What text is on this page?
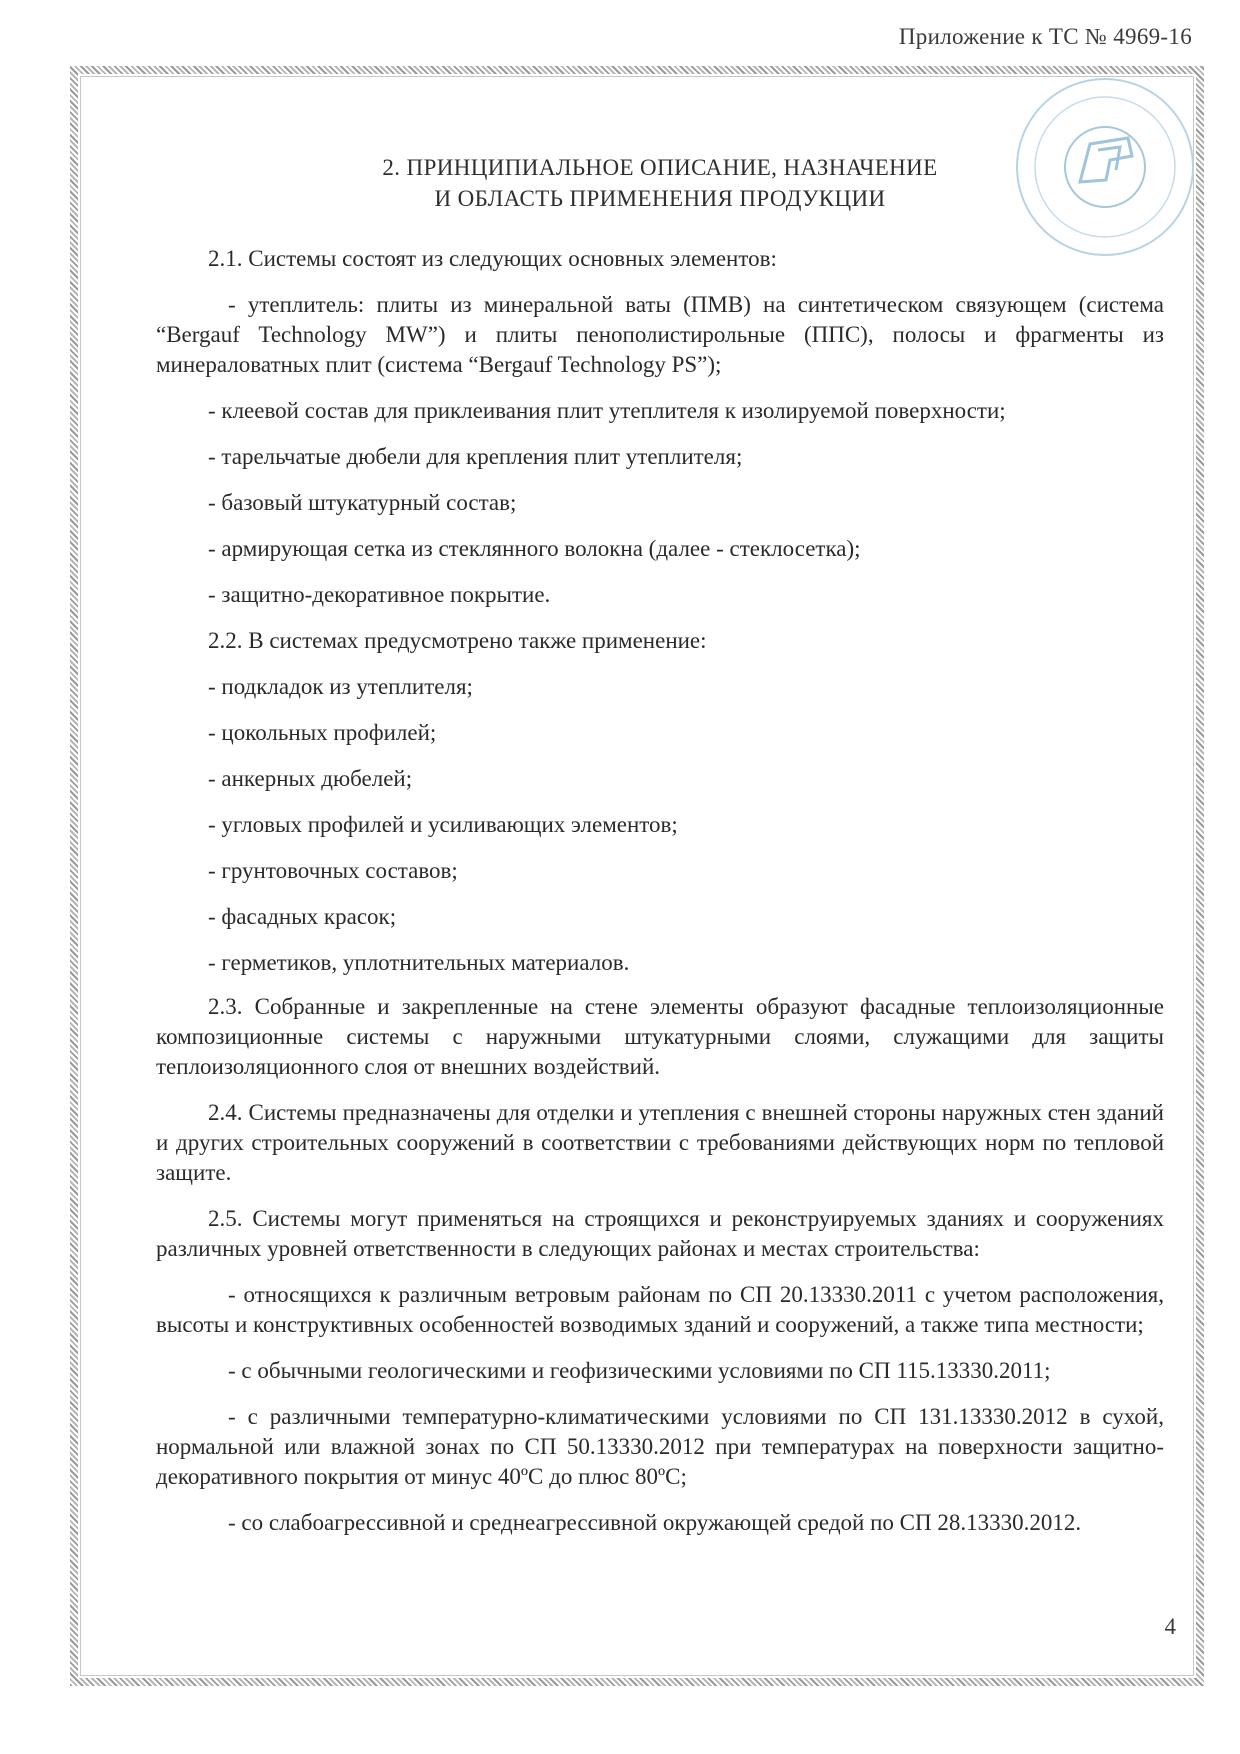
Приложение к ТС № 4969-16
2. ПРИНЦИПИАЛЬНОЕ ОПИСАНИЕ, НАЗНАЧЕНИЕ
И ОБЛАСТЬ ПРИМЕНЕНИЯ ПРОДУКЦИИ

2.1. Системы состоят из следующих основных элементов:

- утеплитель: плиты из минеральной ваты (ПМВ) на синтетическом связующем (система “Bergauf Technology MW”) и плиты пенополистирольные (ППС), полосы и фрагменты из минераловатных плит (система “Bergauf Technology PS”);

- клеевой состав для приклеивания плит утеплителя к изолируемой поверхности;

- тарельчатые дюбели для крепления плит утеплителя;

- базовый штукатурный состав;

- армирующая сетка из стеклянного волокна (далее - стеклосетка);

- защитно-декоративное покрытие.

2.2. В системах предусмотрено также применение:

- подкладок из утеплителя;

- цокольных профилей;

- анкерных дюбелей;

- угловых профилей и усиливающих элементов;

- грунтовочных составов;

- фасадных красок;

- герметиков, уплотнительных материалов.

2.3. Собранные и закрепленные на стене элементы образуют фасадные теплоизоляционные композиционные системы с наружными штукатурными слоями, служащими для защиты теплоизоляционного слоя от внешних воздействий.

2.4. Системы предназначены для отделки и утепления с внешней стороны наружных стен зданий и других строительных сооружений в соответствии с требованиями действующих норм по тепловой защите.

2.5. Системы могут применяться на строящихся и реконструируемых зданиях и сооружениях различных уровней ответственности в следующих районах и местах строительства:

- относящихся к различным ветровым районам по СП 20.13330.2011 с учетом расположения, высоты и конструктивных особенностей возводимых зданий и сооружений, а также типа местности;

- с обычными геологическими и геофизическими условиями по СП 115.13330.2011;

- с различными температурно-климатическими условиями по СП 131.13330.2012 в сухой, нормальной или влажной зонах по СП 50.13330.2012 при температурах на поверхности защитно-декоративного покрытия от минус 40ºС до плюс 80ºС;

- со слабоагрессивной и среднеагрессивной окружающей средой по СП 28.13330.2012.

4
